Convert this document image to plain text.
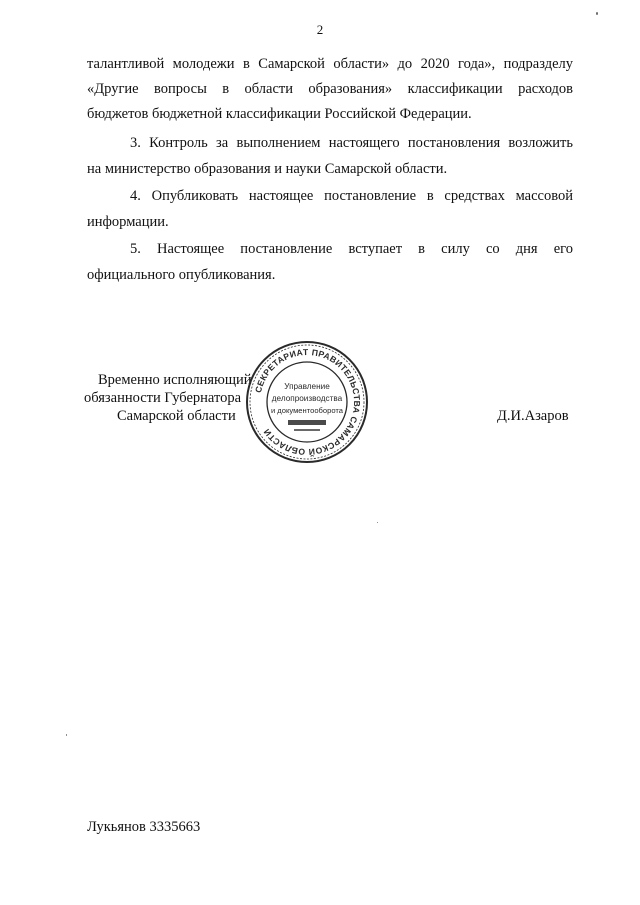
2
талантливой молодежи в Самарской области» до 2020 года», подразделу
«Другие вопросы в области образования» классификации расходов
бюджетов бюджетной классификации Российской Федерации.
3. Контроль за выполнением настоящего постановления возложить
на министерство образования и науки Самарской области.
4. Опубликовать настоящее постановление в средствах массовой
информации.
5. Настоящее постановление вступает в силу со дня его
официального опубликования.
Временно исполняющий
обязанности Губернатора
Самарской области	Д.И.Азаров
СЕКРЕТАРИАТ ПРАВИТЕЛЬСТВА САМАРСКОЙ ОБЛАСТИ
Управление
делопроизводства
и документооборота
Лукьянов 3335663
